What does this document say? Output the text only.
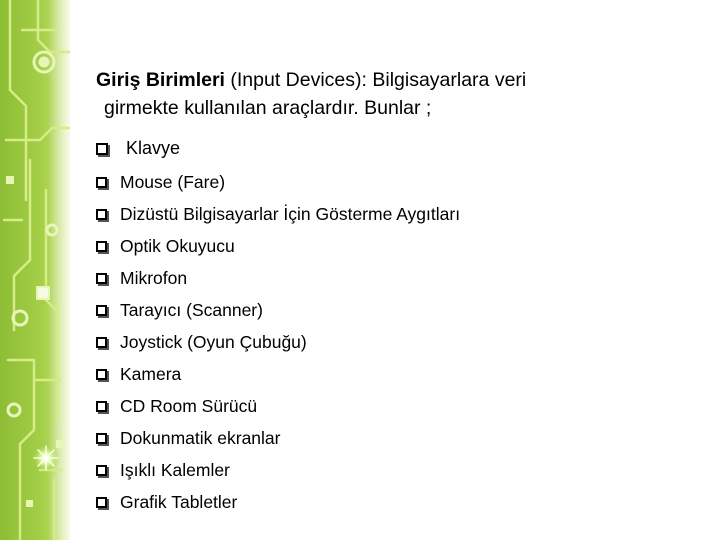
Giriş Birimleri (Input Devices): Bilgisayarlara veri
girmekte kullanılan araçlardır. Bunlar ;

Klavye
Mouse (Fare)
Dizüstü Bilgisayarlar İçin Gösterme Aygıtları
Optik Okuyucu
Mikrofon
Tarayıcı (Scanner)
Joystick (Oyun Çubuğu)
Kamera
CD Room Sürücü
Dokunmatik ekranlar
Işıklı Kalemler
Grafik Tabletler
